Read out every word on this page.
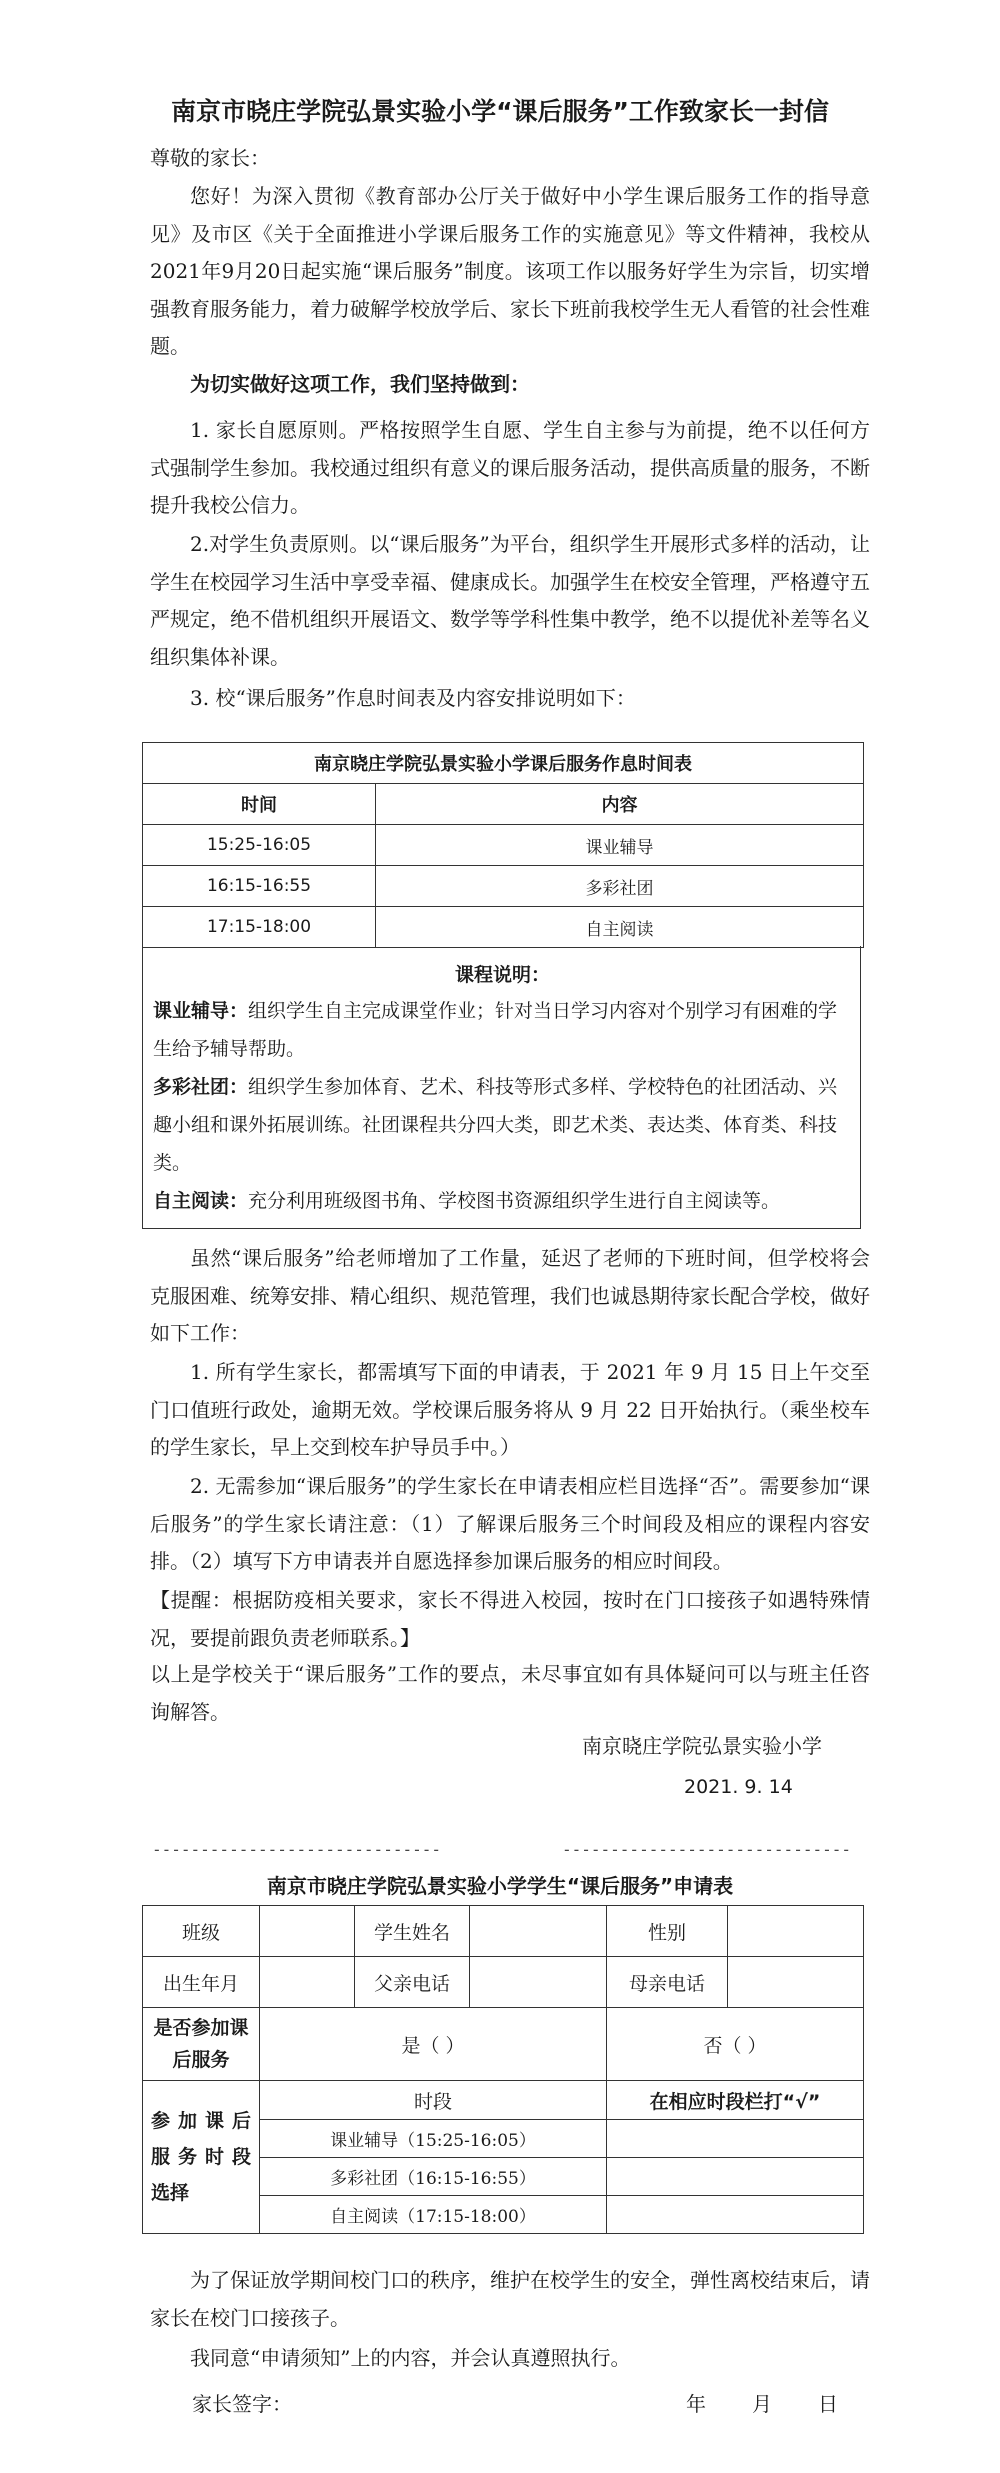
南京市晓庄学院弘景实验小学“课后服务”工作致家长一封信

尊敬的家长：

您好！为深入贯彻《教育部办公厅关于做好中小学生课后服务工作的指导意见》及市区《关于全面推进小学课后服务工作的实施意见》等文件精神，我校从2021年9月20日起实施“课后服务”制度。该项工作以服务好学生为宗旨，切实增强教育服务能力，着力破解学校放学后、家长下班前我校学生无人看管的社会性难题。

为切实做好这项工作，我们坚持做到：

1. 家长自愿原则。严格按照学生自愿、学生自主参与为前提，绝不以任何方式强制学生参加。我校通过组织有意义的课后服务活动，提供高质量的服务，不断提升我校公信力。

2.对学生负责原则。以“课后服务”为平台，组织学生开展形式多样的活动，让学生在校园学习生活中享受幸福、健康成长。加强学生在校安全管理，严格遵守五严规定，绝不借机组织开展语文、数学等学科性集中教学，绝不以提优补差等名义组织集体补课。

3. 校“课后服务”作息时间表及内容安排说明如下：

南京晓庄学院弘景实验小学课后服务作息时间表	
时间	内容
15:25-16:05	课业辅导
16:15-16:55	多彩社团
17:15-18:00	自主阅读
课程说明：

课业辅导：组织学生自主完成课堂作业；针对当日学习内容对个别学习有困难的学生给予辅导帮助。

多彩社团：组织学生参加体育、艺术、科技等形式多样、学校特色的社团活动、兴趣小组和课外拓展训练。社团课程共分四大类，即艺术类、表达类、体育类、科技类。

自主阅读：充分利用班级图书角、学校图书资源组织学生进行自主阅读等。

虽然“课后服务”给老师增加了工作量，延迟了老师的下班时间，但学校将会克服困难、统筹安排、精心组织、规范管理，我们也诚恳期待家长配合学校，做好如下工作：

1. 所有学生家长，都需填写下面的申请表，于 2021 年 9 月 15 日上午交至门口值班行政处，逾期无效。学校课后服务将从 9 月 22 日开始执行。（乘坐校车的学生家长，早上交到校车护导员手中。）

2. 无需参加“课后服务”的学生家长在申请表相应栏目选择“否”。需要参加“课后服务”的学生家长请注意：（1）了解课后服务三个时间段及相应的课程内容安排。（2）填写下方申请表并自愿选择参加课后服务的相应时间段。

【提醒：根据防疫相关要求，家长不得进入校园，按时在门口接孩子如遇特殊情况，要提前跟负责老师联系。】

以上是学校关于“课后服务”工作的要点，未尽事宜如有具体疑问可以与班主任咨询解答。

南京晓庄学院弘景实验小学
2021. 9. 14
------------------------------	------------------------------
南京市晓庄学院弘景实验小学学生“课后服务”申请表
班级		学生姓名		性别	
出生年月		父亲电话		母亲电话	
是否参加课后服务	是（ ）			否（ ）	
参 加 课 后 服 务 时 段 选择	时段			在相应时段栏打“√”	
	课业辅导（15:25-16:05）				
	多彩社团（16:15-16:55）				
	自主阅读（17:15-18:00）				

为了保证放学期间校门口的秩序，维护在校学生的安全，弹性离校结束后，请家长在校门口接孩子。

我同意“申请须知”上的内容，并会认真遵照执行。

家长签字：	年 月 日
